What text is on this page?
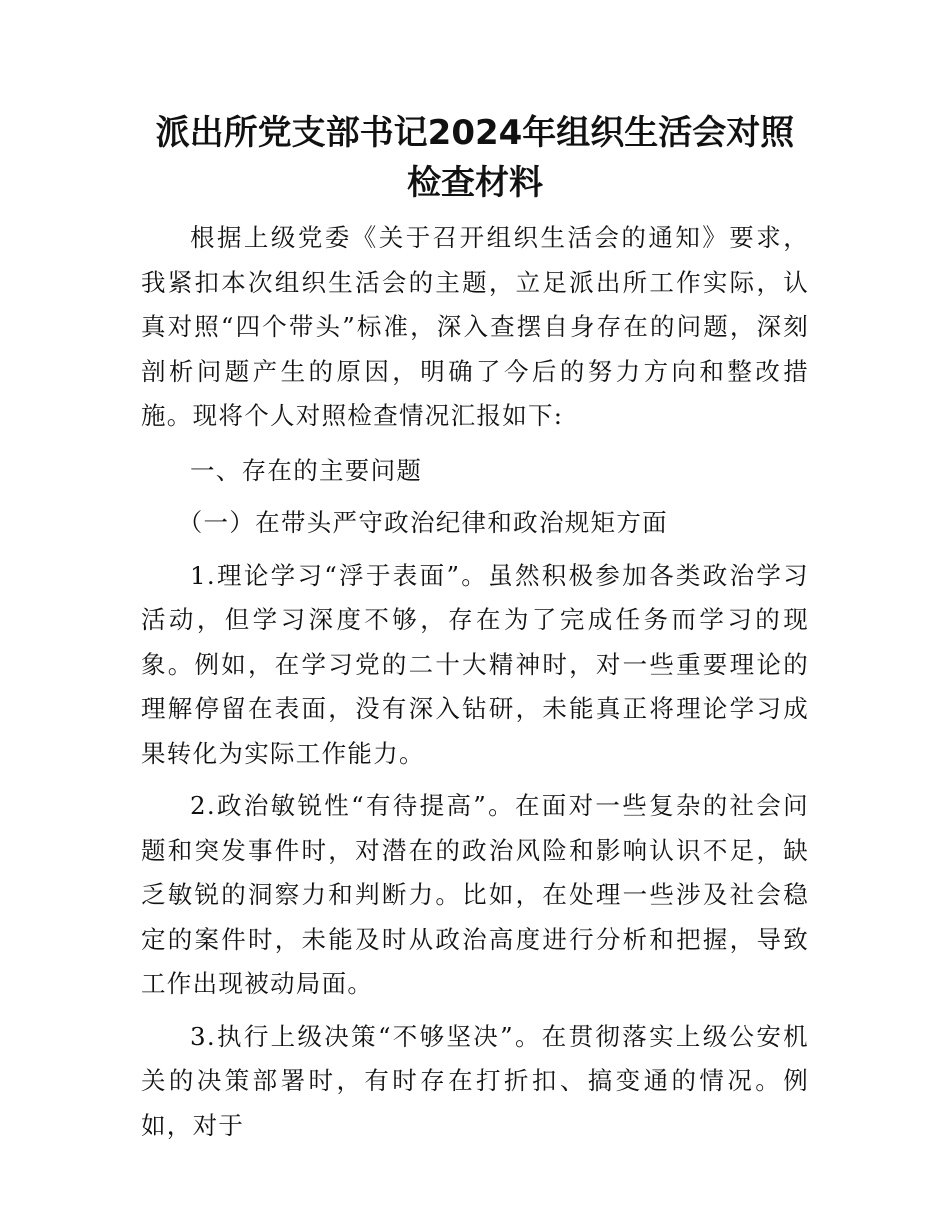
派出所党支部书记2024年组织生活会对照检查材料

根据上级党委《关于召开组织生活会的通知》要求，我紧扣本次组织生活会的主题，立足派出所工作实际，认真对照“四个带头”标准，深入查摆自身存在的问题，深刻剖析问题产生的原因，明确了今后的努力方向和整改措施。现将个人对照检查情况汇报如下:

一、存在的主要问题

（一）在带头严守政治纪律和政治规矩方面

1.理论学习“浮于表面”。虽然积极参加各类政治学习活动，但学习深度不够，存在为了完成任务而学习的现象。例如，在学习党的二十大精神时，对一些重要理论的理解停留在表面，没有深入钻研，未能真正将理论学习成果转化为实际工作能力。

2.政治敏锐性“有待提高”。在面对一些复杂的社会问题和突发事件时，对潜在的政治风险和影响认识不足，缺乏敏锐的洞察力和判断力。比如，在处理一些涉及社会稳定的案件时，未能及时从政治高度进行分析和把握，导致工作出现被动局面。

3.执行上级决策“不够坚决”。在贯彻落实上级公安机关的决策部署时，有时存在打折扣、搞变通的情况。例如，对于
